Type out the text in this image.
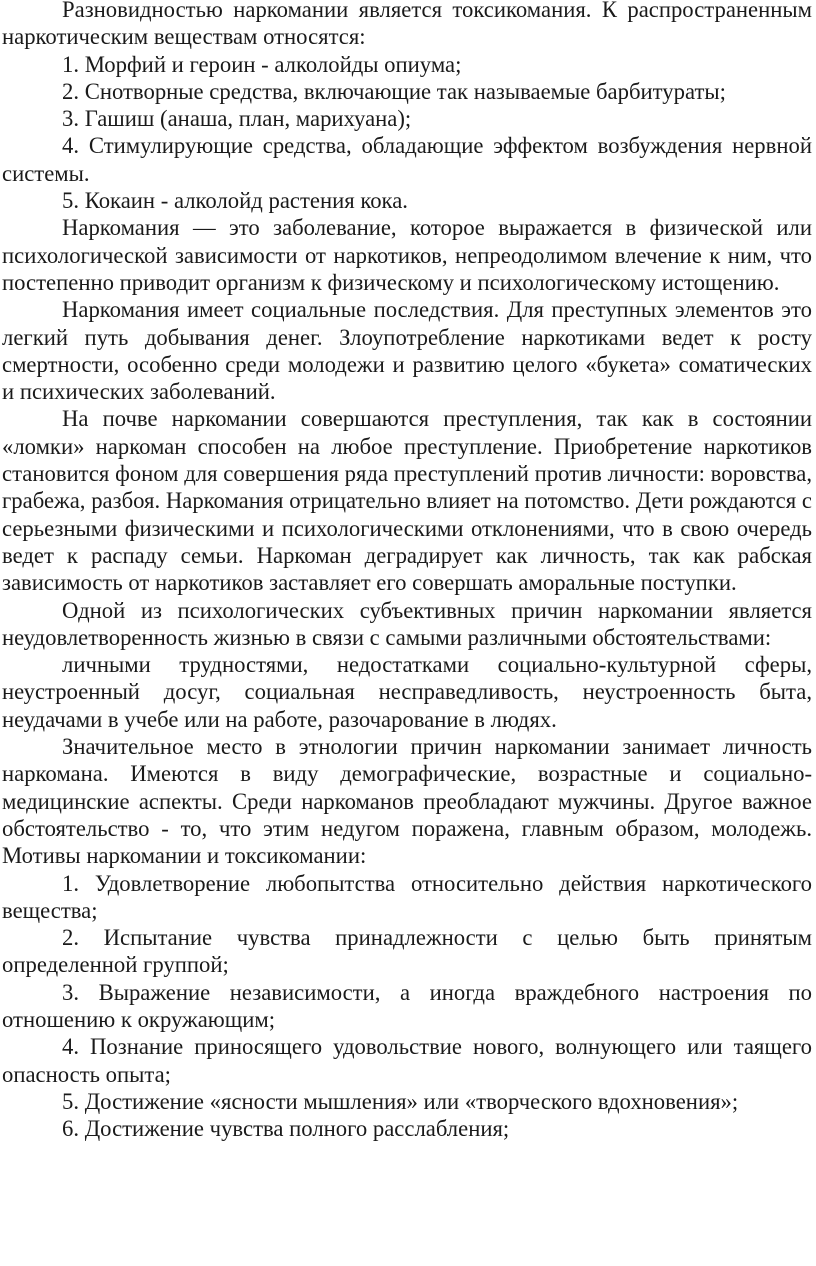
Разновидностью наркомании является токсикомания. К распространенным наркотическим веществам относятся:

1. Морфий и героин - алколойды опиума;

2. Снотворные средства, включающие так называемые барбитураты;

3. Гашиш (анаша, план, марихуана);

4. Стимулирующие средства, обладающие эффектом возбуждения нервной системы.

5. Кокаин - алколойд растения кока.

Наркомания — это заболевание, которое выражается в физической или психологической зависимости от наркотиков, непреодолимом влечение к ним, что постепенно приводит организм к физическому и психологическому истощению.

Наркомания имеет социальные последствия. Для преступных элементов это легкий путь добывания денег. Злоупотребление наркотиками ведет к росту смертности, особенно среди молодежи и развитию целого «букета» соматических и психических заболеваний.

На почве наркомании совершаются преступления, так как в состоянии «ломки» наркоман способен на любое преступление. Приобретение наркотиков становится фоном для совершения ряда преступлений против личности: воровства, грабежа, разбоя. Наркомания отрицательно влияет на потомство. Дети рождаются с серьезными физическими и психологическими отклонениями, что в свою очередь ведет к распаду семьи. Наркоман деградирует как личность, так как рабская зависимость от наркотиков заставляет его совершать аморальные поступки.

Одной из психологических субъективных причин наркомании является неудовлетворенность жизнью в связи с самыми различными обстоятельствами:

личными трудностями, недостатками социально-культурной сферы, неустроенный досуг, социальная несправедливость, неустроенность быта, неудачами в учебе или на работе, разочарование в людях.

Значительное место в этнологии причин наркомании занимает личность наркомана. Имеются в виду демографические, возрастные и социально-медицинские аспекты. Среди наркоманов преобладают мужчины. Другое важное обстоятельство - то, что этим недугом поражена, главным образом, молодежь. Мотивы наркомании и токсикомании:

1. Удовлетворение любопытства относительно действия наркотического вещества;

2. Испытание чувства принадлежности с целью быть принятым определенной группой;

3. Выражение независимости, а иногда враждебного настроения по отношению к окружающим;

4. Познание приносящего удовольствие нового, волнующего или таящего опасность опыта;

5. Достижение «ясности мышления» или «творческого вдохновения»;

6. Достижение чувства полного расслабления;
